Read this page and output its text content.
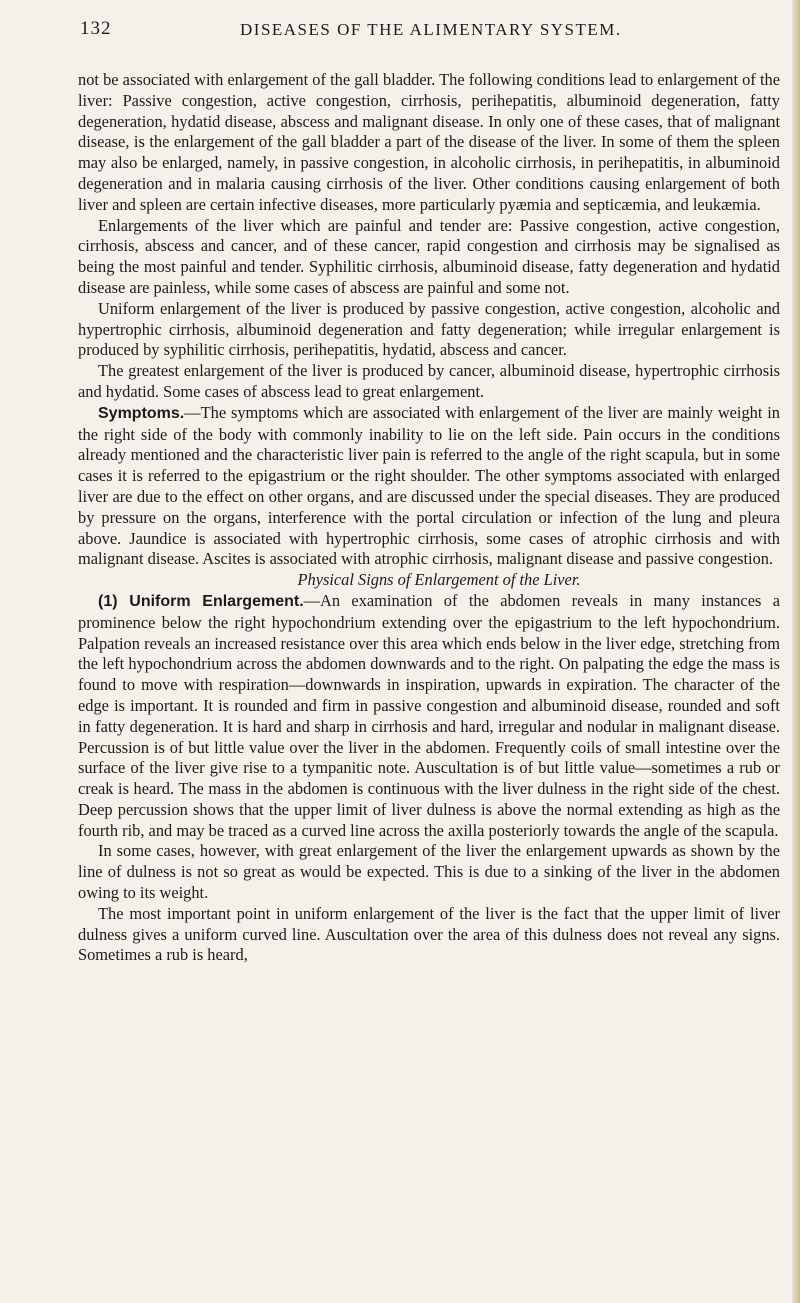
132	DISEASES OF THE ALIMENTARY SYSTEM.

not be associated with enlargement of the gall bladder. The following conditions lead to enlargement of the liver: Passive congestion, active congestion, cirrhosis, perihepatitis, albuminoid degeneration, fatty degeneration, hydatid disease, abscess and malignant disease. In only one of these cases, that of malignant disease, is the enlargement of the gall bladder a part of the disease of the liver. In some of them the spleen may also be enlarged, namely, in passive congestion, in alcoholic cirrhosis, in perihepatitis, in albuminoid degeneration and in malaria causing cirrhosis of the liver. Other conditions causing enlargement of both liver and spleen are certain infective diseases, more particularly pyæmia and septicæmia, and leukæmia.

Enlargements of the liver which are painful and tender are: Passive congestion, active congestion, cirrhosis, abscess and cancer, and of these cancer, rapid congestion and cirrhosis may be signalised as being the most painful and tender. Syphilitic cirrhosis, albuminoid disease, fatty degeneration and hydatid disease are painless, while some cases of abscess are painful and some not.

Uniform enlargement of the liver is produced by passive congestion, active congestion, alcoholic and hypertrophic cirrhosis, albuminoid degeneration and fatty degeneration; while irregular enlargement is produced by syphilitic cirrhosis, perihepatitis, hydatid, abscess and cancer.

The greatest enlargement of the liver is produced by cancer, albuminoid disease, hypertrophic cirrhosis and hydatid. Some cases of abscess lead to great enlargement.

Symptoms.—The symptoms which are associated with enlargement of the liver are mainly weight in the right side of the body with commonly inability to lie on the left side. Pain occurs in the conditions already mentioned and the characteristic liver pain is referred to the angle of the right scapula, but in some cases it is referred to the epigastrium or the right shoulder. The other symptoms associated with enlarged liver are due to the effect on other organs, and are discussed under the special diseases. They are produced by pressure on the organs, interference with the portal circulation or infection of the lung and pleura above. Jaundice is associated with hypertrophic cirrhosis, some cases of atrophic cirrhosis and with malignant disease. Ascites is associated with atrophic cirrhosis, malignant disease and passive congestion.

Physical Signs of Enlargement of the Liver.

(1) Uniform Enlargement.—An examination of the abdomen reveals in many instances a prominence below the right hypochondrium extending over the epigastrium to the left hypochondrium. Palpation reveals an increased resistance over this area which ends below in the liver edge, stretching from the left hypochondrium across the abdomen downwards and to the right. On palpating the edge the mass is found to move with respiration—downwards in inspiration, upwards in expiration. The character of the edge is important. It is rounded and firm in passive congestion and albuminoid disease, rounded and soft in fatty degeneration. It is hard and sharp in cirrhosis and hard, irregular and nodular in malignant disease. Percussion is of but little value over the liver in the abdomen. Frequently coils of small intestine over the surface of the liver give rise to a tympanitic note. Auscultation is of but little value—sometimes a rub or creak is heard. The mass in the abdomen is continuous with the liver dulness in the right side of the chest. Deep percussion shows that the upper limit of liver dulness is above the normal extending as high as the fourth rib, and may be traced as a curved line across the axilla posteriorly towards the angle of the scapula.

In some cases, however, with great enlargement of the liver the enlargement upwards as shown by the line of dulness is not so great as would be expected. This is due to a sinking of the liver in the abdomen owing to its weight.

The most important point in uniform enlargement of the liver is the fact that the upper limit of liver dulness gives a uniform curved line. Auscultation over the area of this dulness does not reveal any signs. Sometimes a rub is heard,
